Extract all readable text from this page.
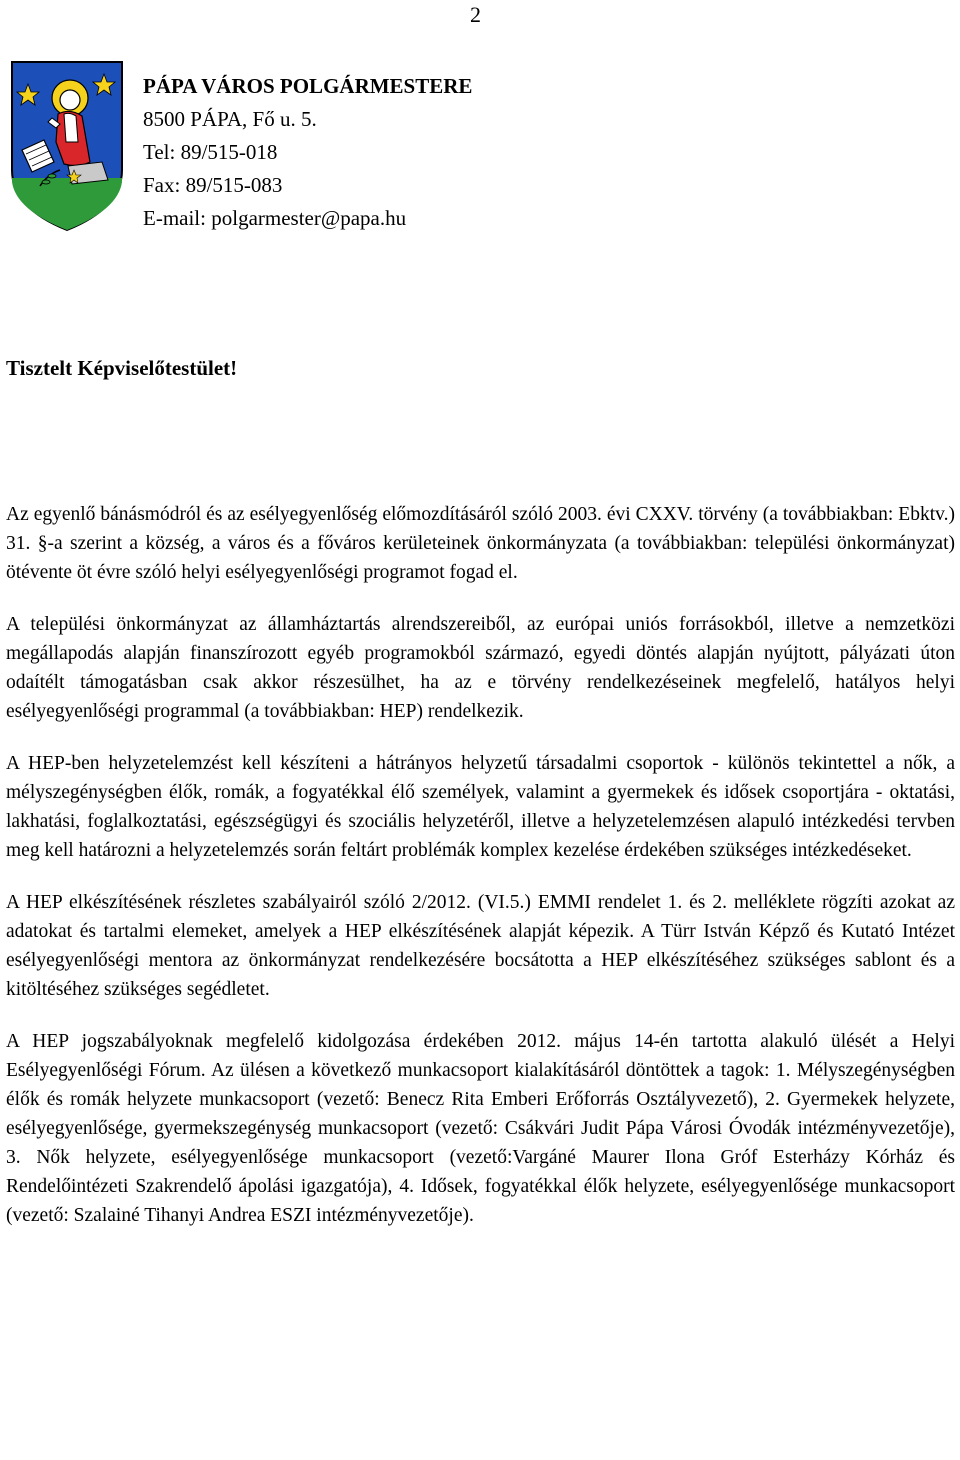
2
PÁPA VÁROS POLGÁRMESTERE
8500 PÁPA, Fő u. 5.
Tel: 89/515-018
Fax: 89/515-083
E-mail: polgarmester@papa.hu
Tisztelt Képviselőtestület!

Az egyenlő bánásmódról és az esélyegyenlőség előmozdításáról szóló 2003. évi CXXV. törvény (a továbbiakban: Ebktv.) 31. §-a szerint a község, a város és a főváros kerületeinek önkormányzata (a továbbiakban: települési önkormányzat) ötévente öt évre szóló helyi esélyegyenlőségi programot fogad el.

A települési önkormányzat az államháztartás alrendszereiből, az európai uniós forrásokból, illetve a nemzetközi megállapodás alapján finanszírozott egyéb programokból származó, egyedi döntés alapján nyújtott, pályázati úton odaítélt támogatásban csak akkor részesülhet, ha az e törvény rendelkezéseinek megfelelő, hatályos helyi esélyegyenlőségi programmal (a továbbiakban: HEP) rendelkezik.

A HEP-ben helyzetelemzést kell készíteni a hátrányos helyzetű társadalmi csoportok - különös tekintettel a nők, a mélyszegénységben élők, romák, a fogyatékkal élő személyek, valamint a gyermekek és idősek csoportjára - oktatási, lakhatási, foglalkoztatási, egészségügyi és szociális helyzetéről, illetve a helyzetelemzésen alapuló intézkedési tervben meg kell határozni a helyzetelemzés során feltárt problémák komplex kezelése érdekében szükséges intézkedéseket.

A HEP elkészítésének részletes szabályairól szóló 2/2012. (VI.5.) EMMI rendelet 1. és 2. melléklete rögzíti azokat az adatokat és tartalmi elemeket, amelyek a HEP elkészítésének alapját képezik. A Türr István Képző és Kutató Intézet esélyegyenlőségi mentora az önkormányzat rendelkezésére bocsátotta a HEP elkészítéséhez szükséges sablont és a kitöltéséhez szükséges segédletet.

A HEP jogszabályoknak megfelelő kidolgozása érdekében 2012. május 14-én tartotta alakuló ülését a Helyi Esélyegyenlőségi Fórum. Az ülésen a következő munkacsoport kialakításáról döntöttek a tagok: 1. Mélyszegénységben élők és romák helyzete munkacsoport (vezető: Benecz Rita Emberi Erőforrás Osztályvezető), 2. Gyermekek helyzete, esélyegyenlősége, gyermekszegénység munkacsoport (vezető: Csákvári Judit Pápa Városi Óvodák intézményvezetője), 3. Nők helyzete, esélyegyenlősége munkacsoport (vezető:Vargáné Maurer Ilona Gróf Esterházy Kórház és Rendelőintézeti Szakrendelő ápolási igazgatója), 4. Idősek, fogyatékkal élők helyzete, esélyegyenlősége munkacsoport (vezető: Szalainé Tihanyi Andrea ESZI intézményvezetője).
